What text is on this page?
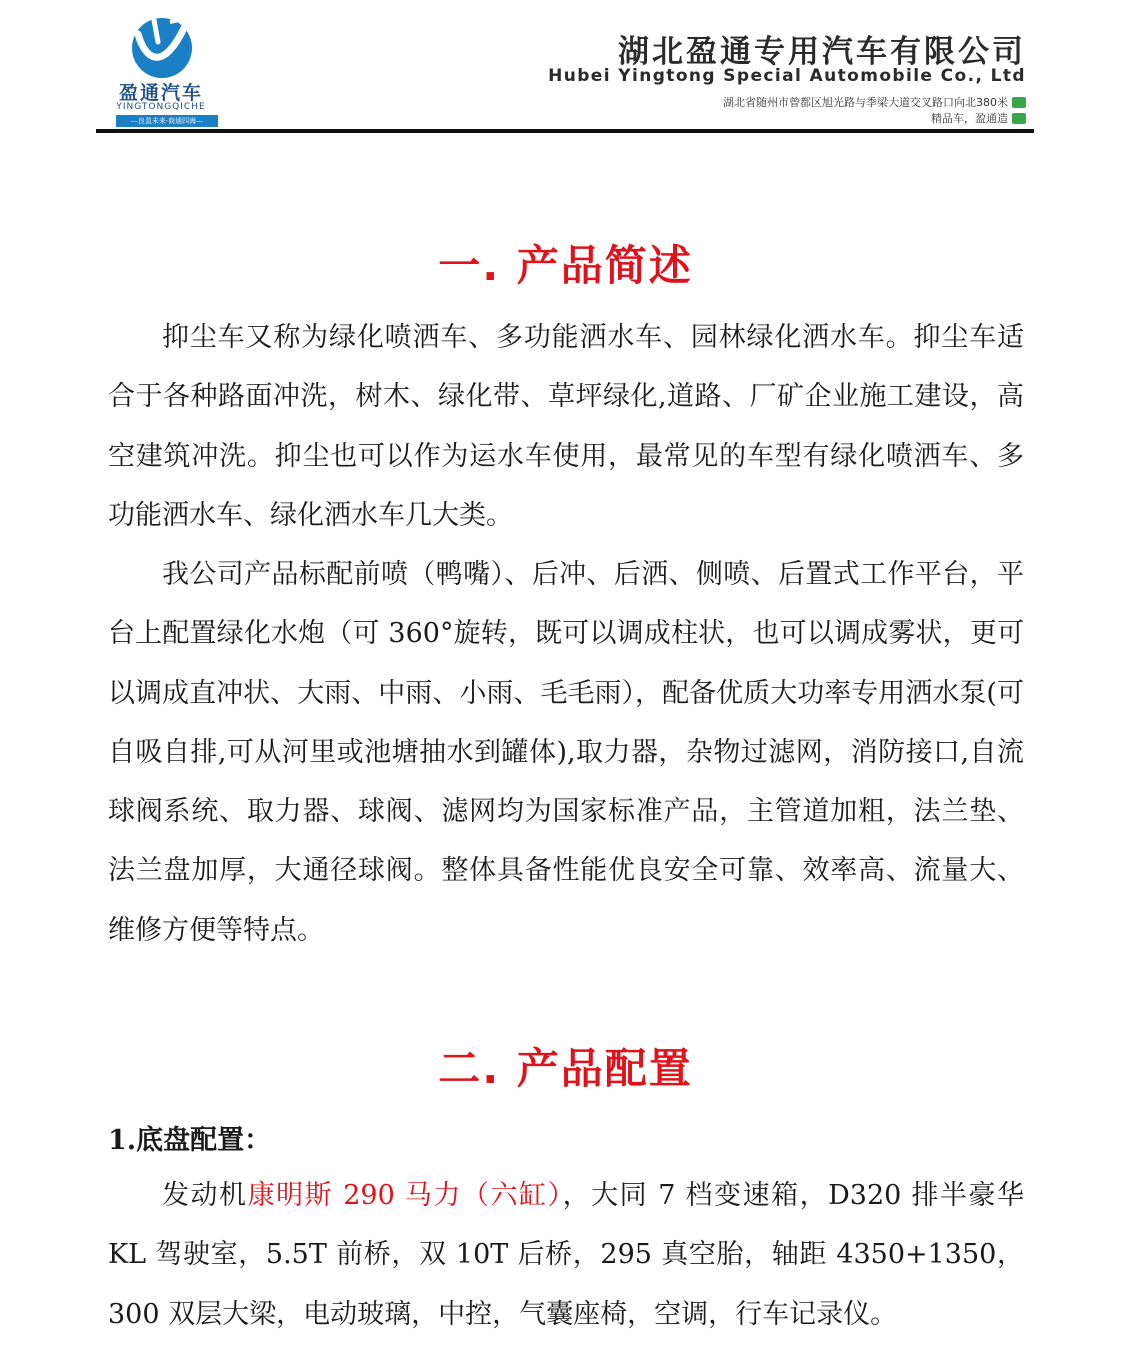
盈通汽车
YINGTONGQICHE
—良盈未来·商通四海—
湖北盈通专用汽车有限公司
Hubei Yingtong Special Automobile Co., Ltd
湖北省随州市曾都区旭光路与季梁大道交叉路口向北380米
精品车，盈通造
一. 产品简述

抑尘车又称为绿化喷洒车、多功能洒水车、园林绿化洒水车。抑尘车适合于各种路面冲洗，树木、绿化带、草坪绿化,道路、厂矿企业施工建设，高空建筑冲洗。抑尘也可以作为运水车使用，最常见的车型有绿化喷洒车、多功能洒水车、绿化洒水车几大类。

我公司产品标配前喷（鸭嘴）、后冲、后洒、侧喷、后置式工作平台，平台上配置绿化水炮（可 360°旋转，既可以调成柱状，也可以调成雾状，更可以调成直冲状、大雨、中雨、小雨、毛毛雨），配备优质大功率专用洒水泵(可自吸自排,可从河里或池塘抽水到罐体),取力器，杂物过滤网，消防接口,自流球阀系统、取力器、球阀、滤网均为国家标准产品，主管道加粗，法兰垫、法兰盘加厚，大通径球阀。整体具备性能优良安全可靠、效率高、流量大、维修方便等特点。

二. 产品配置
1.底盘配置：

发动机康明斯 290 马力（六缸），大同 7 档变速箱，D320 排半豪华 KL 驾驶室，5.5T 前桥，双 10T 后桥，295 真空胎，轴距 4350+1350，300 双层大梁，电动玻璃，中控，气囊座椅，空调，行车记录仪。
